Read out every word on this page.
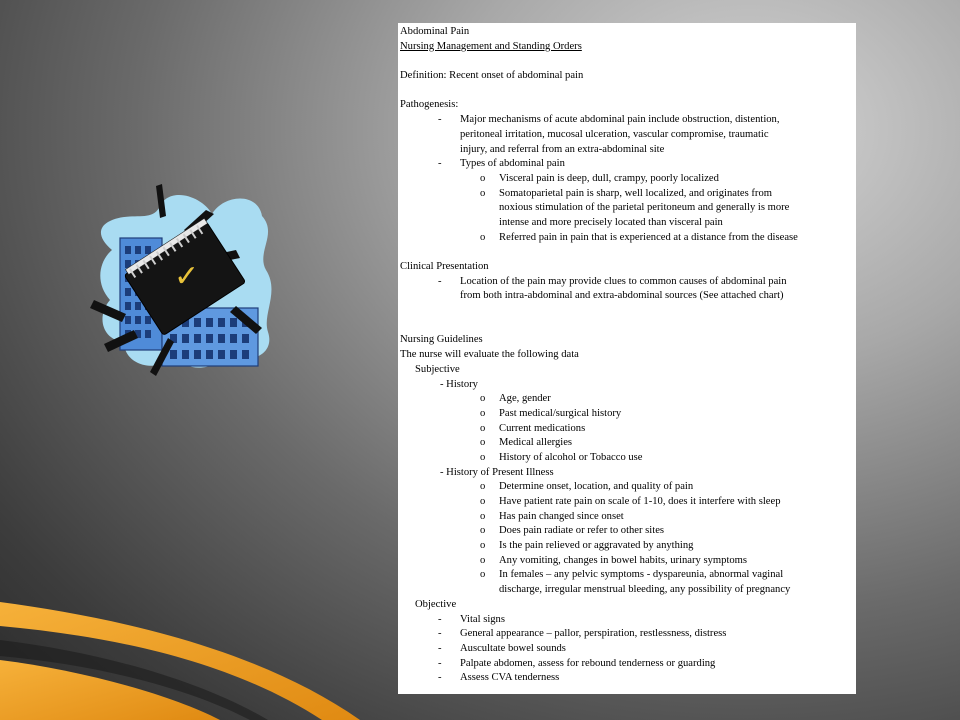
✓
Abdominal Pain
Nursing Management and Standing Orders
Definition: Recent onset of abdominal pain
Pathogenesis:
- Major mechanisms of acute abdominal pain include obstruction, distention,
peritoneal irritation, mucosal ulceration, vascular compromise, traumatic
injury, and referral from an extra-abdominal site
- Types of abdominal pain
o Visceral pain is deep, dull, crampy, poorly localized
o Somatoparietal pain is sharp, well localized, and originates from
noxious stimulation of the parietal peritoneum and generally is more
intense and more precisely located than visceral pain
o Referred pain in pain that is experienced at a distance from the disease
Clinical Presentation
- Location of the pain may provide clues to common causes of abdominal pain
from both intra-abdominal and extra-abdominal sources (See attached chart)
Nursing Guidelines
The nurse will evaluate the following data
Subjective
- History
o Age, gender
o Past medical/surgical history
o Current medications
o Medical allergies
o History of alcohol or Tobacco use
- History of Present Illness
o Determine onset, location, and quality of pain
o Have patient rate pain on scale of 1-10, does it interfere with sleep
o Has pain changed since onset
o Does pain radiate or refer to other sites
o Is the pain relieved or aggravated by anything
o Any vomiting, changes in bowel habits, urinary symptoms
o In females – any pelvic symptoms - dyspareunia, abnormal vaginal
discharge, irregular menstrual bleeding, any possibility of pregnancy
Objective
- Vital signs
- General appearance – pallor, perspiration, restlessness, distress
- Auscultate bowel sounds
- Palpate abdomen, assess for rebound tenderness or guarding
- Assess CVA tenderness
